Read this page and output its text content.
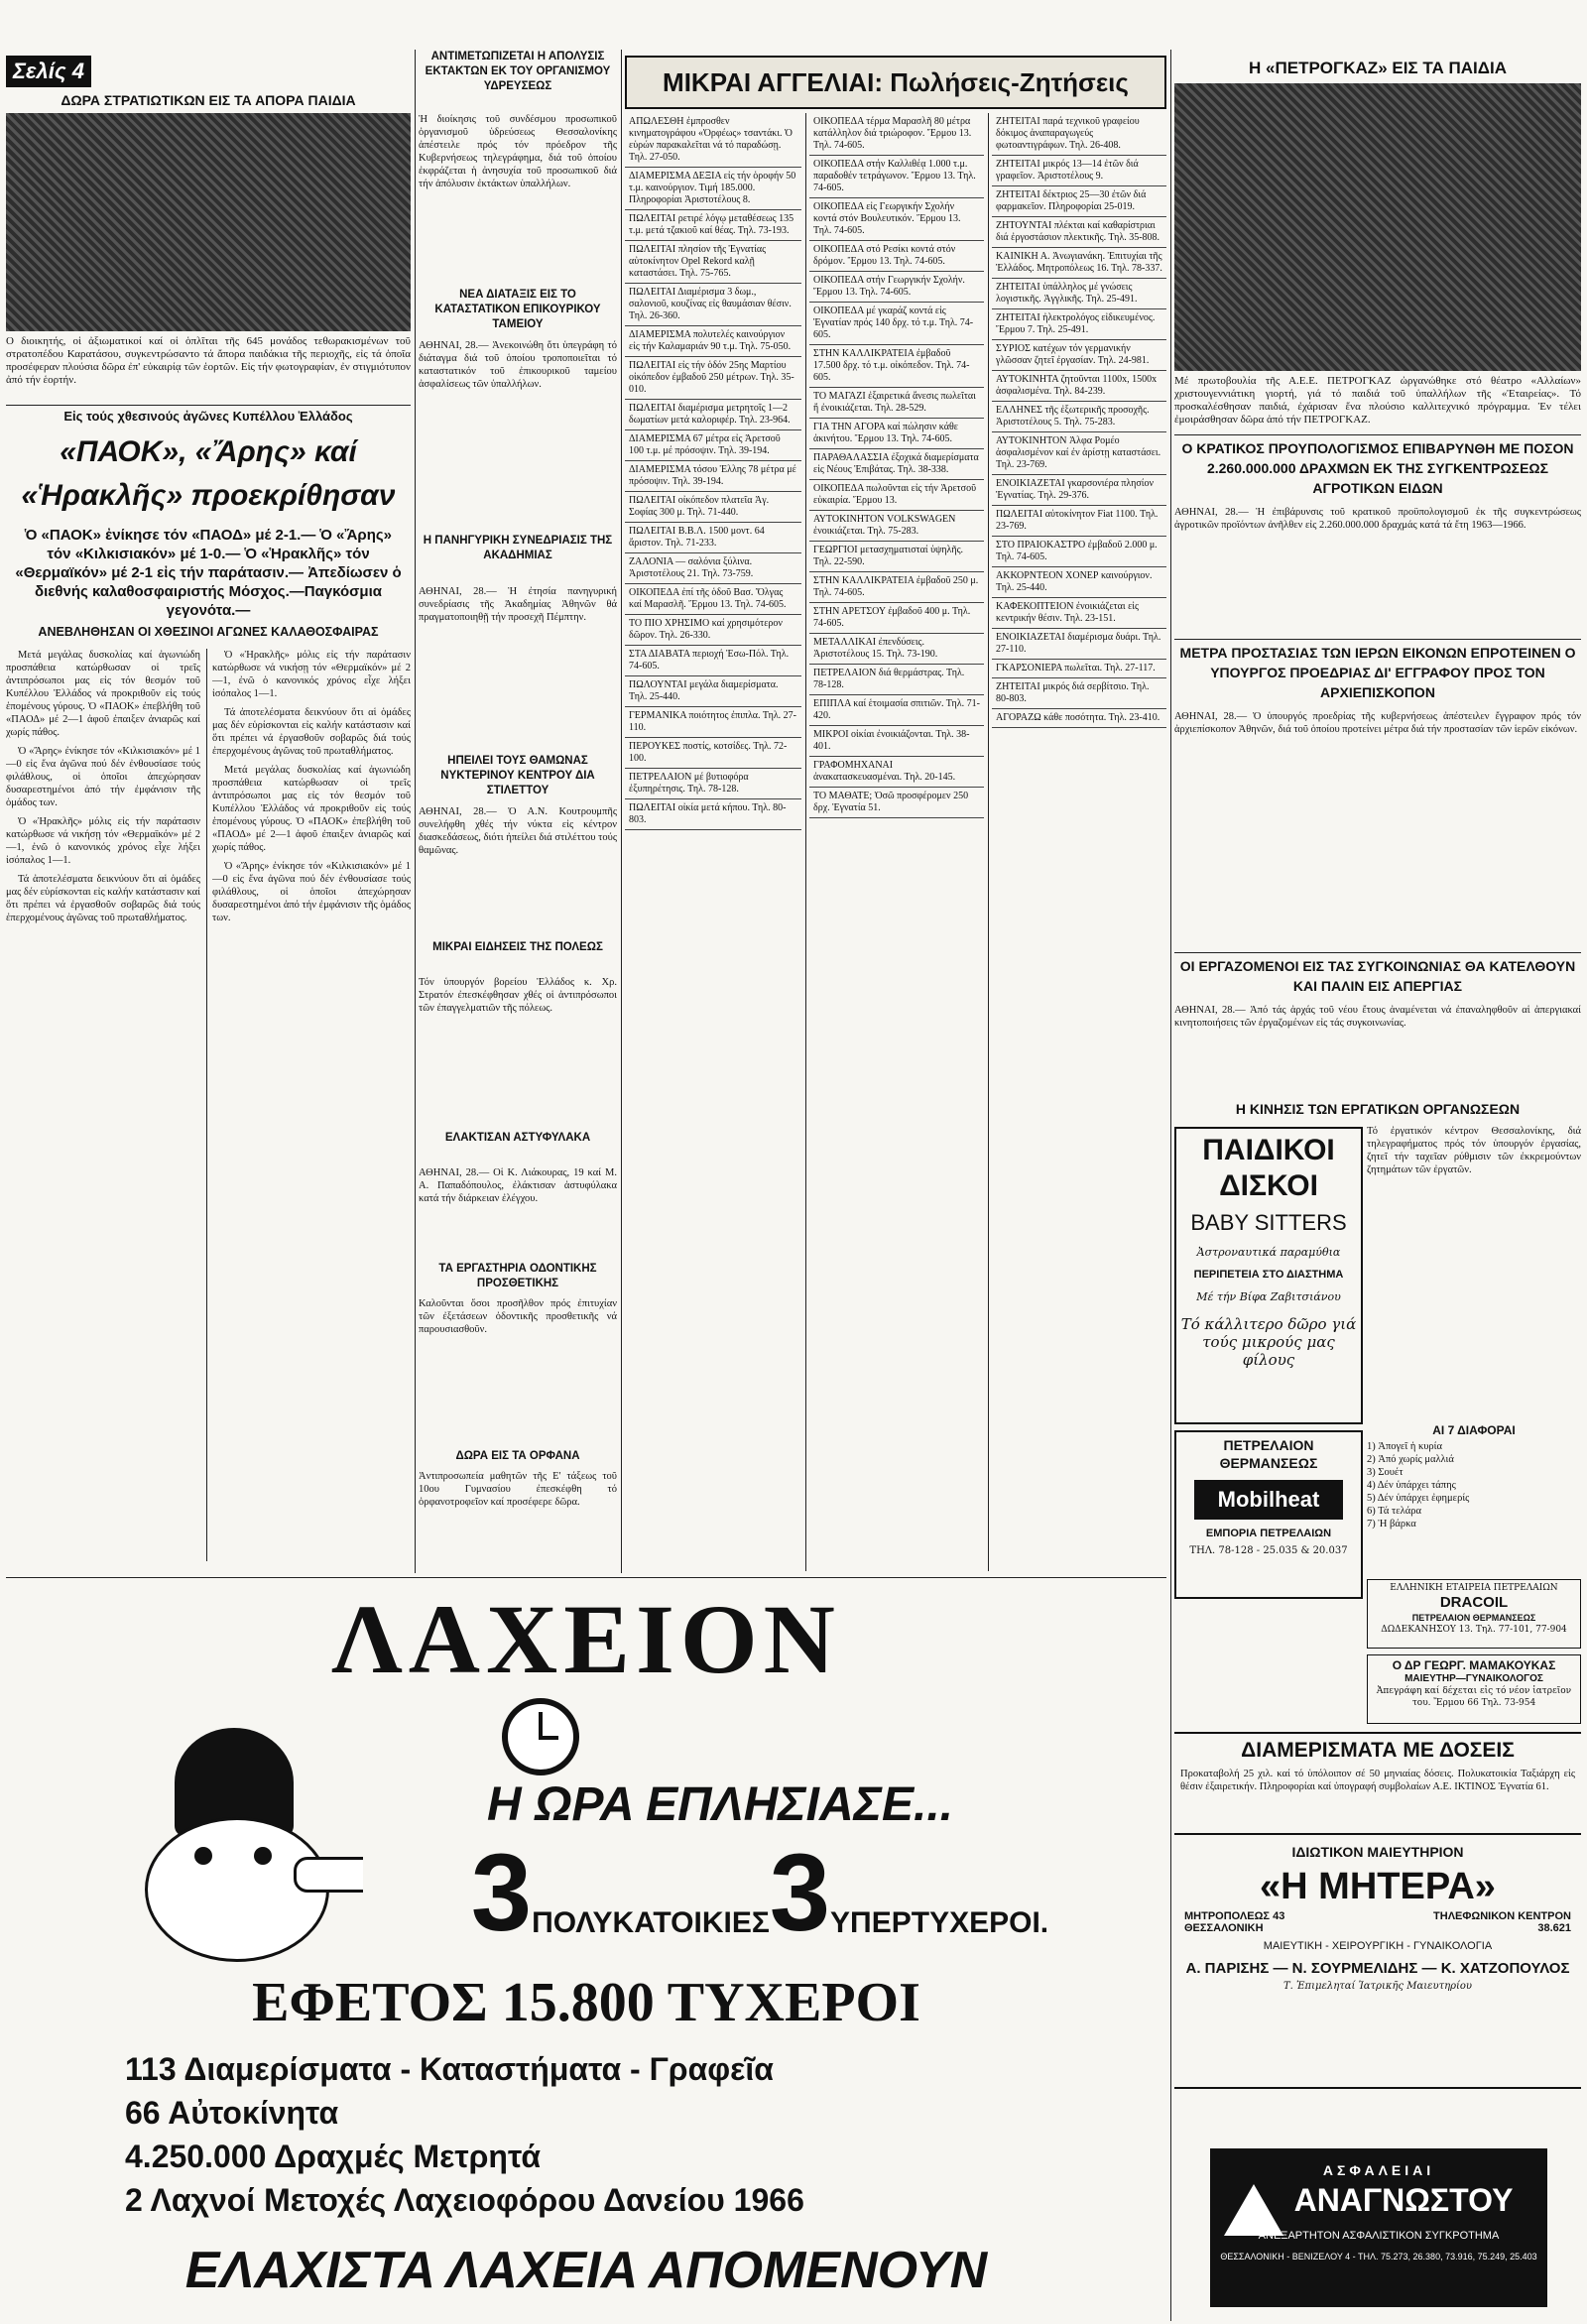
Σελίς 4
ΔΩΡΑ ΣΤΡΑΤΙΩΤΙΚΩΝ ΕΙΣ ΤΑ ΑΠΟΡΑ ΠΑΙΔΙΑ
Ο διοικητής, οἱ ἀξιωματικοί καί οἱ ὁπλῖται τῆς 645 μονάδος τεθωρακισμένων τοῦ στρατοπέδου Καρατάσου, συγκεντρώσαντο τά ἄπορα παιδάκια τῆς περιοχῆς, εἰς τά ὁποῖα προσέφεραν πλούσια δῶρα ἐπ' εὐκαιρίᾳ τῶν ἑορτῶν. Εἰς τήν φωτογραφίαν, ἐν στιγμιότυπον ἀπό τήν ἑορτήν.
Εἰς τούς χθεσινούς ἀγῶνες Κυπέλλου Ἑλλάδος
«ΠΑΟΚ», «Ἄρης» καί «Ἡρακλῆς» προεκρίθησαν
Ὁ «ΠΑΟΚ» ἐνίκησε τόν «ΠΑΟΔ» μέ 2-1.— Ὁ «Ἄρης» τόν «Κιλκισιακόν» μέ 1-0.— Ὁ «Ἡρακλῆς» τόν «Θερμαϊκόν» μέ 2-1 εἰς τήν παράτασιν.— Ἀπεδίωσεν ὁ διεθνής καλαθοσφαιριστής Μόσχος.—Παγκόσμια γεγονότα.—
ΑΝΕΒΛΗΘΗΣΑΝ ΟΙ ΧΘΕΣΙΝΟΙ ΑΓΩΝΕΣ ΚΑΛΑΘΟΣΦΑΙΡΑΣ

Μετά μεγάλας δυσκολίας καί ἀγωνιώδη προσπάθεια κατώρθωσαν οἱ τρεῖς ἀντιπρόσωποι μας εἰς τόν θεσμόν τοῦ Κυπέλλου Ἑλλάδος νά προκριθοῦν εἰς τούς ἑπομένους γύρους. Ὁ «ΠΑΟΚ» ἐπεβλήθη τοῦ «ΠΑΟΔ» μέ 2—1 ἀφοῦ ἐπαιξεν ἀνιαρῶς καί χωρίς πάθος.

Ὁ «Ἄρης» ἐνίκησε τόν «Κιλκισιακόν» μέ 1—0 εἰς ἕνα ἀγῶνα πού δέν ἐνθουσίασε τούς φιλάθλους, οἱ ὁποῖοι ἀπεχώρησαν δυσαρεστημένοι ἀπό τήν ἐμφάνισιν τῆς ὁμάδος των.

Ὁ «Ἡρακλῆς» μόλις εἰς τήν παράτασιν κατώρθωσε νά νικήσῃ τόν «Θερμαϊκόν» μέ 2—1, ἐνῶ ὁ κανονικός χρόνος εἶχε λήξει ἰσόπαλος 1—1.

Τά ἀποτελέσματα δεικνύουν ὅτι αἱ ὁμάδες μας δέν εὑρίσκονται εἰς καλήν κατάστασιν καί ὅτι πρέπει νά ἐργασθοῦν σοβαρῶς διά τούς ἐπερχομένους ἀγῶνας τοῦ πρωταθλήματος.

Ὁ «Ἡρακλῆς» μόλις εἰς τήν παράτασιν κατώρθωσε νά νικήσῃ τόν «Θερμαϊκόν» μέ 2—1, ἐνῶ ὁ κανονικός χρόνος εἶχε λήξει ἰσόπαλος 1—1.

Τά ἀποτελέσματα δεικνύουν ὅτι αἱ ὁμάδες μας δέν εὑρίσκονται εἰς καλήν κατάστασιν καί ὅτι πρέπει νά ἐργασθοῦν σοβαρῶς διά τούς ἐπερχομένους ἀγῶνας τοῦ πρωταθλήματος.

Μετά μεγάλας δυσκολίας καί ἀγωνιώδη προσπάθεια κατώρθωσαν οἱ τρεῖς ἀντιπρόσωποι μας εἰς τόν θεσμόν τοῦ Κυπέλλου Ἑλλάδος νά προκριθοῦν εἰς τούς ἑπομένους γύρους. Ὁ «ΠΑΟΚ» ἐπεβλήθη τοῦ «ΠΑΟΔ» μέ 2—1 ἀφοῦ ἐπαιξεν ἀνιαρῶς καί χωρίς πάθος.

Ὁ «Ἄρης» ἐνίκησε τόν «Κιλκισιακόν» μέ 1—0 εἰς ἕνα ἀγῶνα πού δέν ἐνθουσίασε τούς φιλάθλους, οἱ ὁποῖοι ἀπεχώρησαν δυσαρεστημένοι ἀπό τήν ἐμφάνισιν τῆς ὁμάδος των.

ΑΝΤΙΜΕΤΩΠΙΖΕΤΑΙ Η ΑΠΟΛΥΣΙΣ ΕΚΤΑΚΤΩΝ ΕΚ ΤΟΥ ΟΡΓΑΝΙΣΜΟΥ ΥΔΡΕΥΣΕΩΣ
Ἡ διοίκησις τοῦ συνδέσμου προσωπικοῦ ὀργανισμοῦ ὑδρεύσεως Θεσσαλονίκης ἀπέστειλε πρός τόν πρόεδρον τῆς Κυβερνήσεως τηλεγράφημα, διά τοῦ ὁποίου ἐκφράζεται ἡ ἀνησυχία τοῦ προσωπικοῦ διά τήν ἀπόλυσιν ἐκτάκτων ὑπαλλήλων.
ΝΕΑ ΔΙΑΤΑΞΙΣ ΕΙΣ ΤΟ ΚΑΤΑΣΤΑΤΙΚΟΝ ΕΠΙΚΟΥΡΙΚΟΥ ΤΑΜΕΙΟΥ
ΑΘΗΝΑΙ, 28.— Ἀνεκοινώθη ὅτι ὑπεγράφη τό διάταγμα διά τοῦ ὁποίου τροποποιεῖται τό καταστατικόν τοῦ ἐπικουρικοῦ ταμείου ἀσφαλίσεως τῶν ὑπαλλήλων.
Η ΠΑΝΗΓΥΡΙΚΗ ΣΥΝΕΔΡΙΑΣΙΣ ΤΗΣ ΑΚΑΔΗΜΙΑΣ
ΑΘΗΝΑΙ, 28.— Ἡ ἐτησία πανηγυρική συνεδρίασις τῆς Ἀκαδημίας Ἀθηνῶν θά πραγματοποιηθῇ τήν προσεχῆ Πέμπτην.
ΗΠΕΙΛΕΙ ΤΟΥΣ ΘΑΜΩΝΑΣ ΝΥΚΤΕΡΙΝΟΥ ΚΕΝΤΡΟΥ ΔΙΑ ΣΤΙΛΕΤΤΟΥ
ΑΘΗΝΑΙ, 28.— Ὁ Α.Ν. Κουτρουμπῆς συνελήφθη χθές τήν νύκτα εἰς κέντρον διασκεδάσεως, διότι ἠπείλει διά στιλέττου τούς θαμῶνας.
ΜΙΚΡΑΙ ΕΙΔΗΣΕΙΣ ΤΗΣ ΠΟΛΕΩΣ
Τόν ὑπουργόν βορείου Ἑλλάδος κ. Χρ. Στρατόν ἐπεσκέφθησαν χθές οἱ ἀντιπρόσωποι τῶν ἐπαγγελματιῶν τῆς πόλεως.
ΕΛΑΚΤΙΣΑΝ ΑΣΤΥΦΥΛΑΚΑ
ΑΘΗΝΑΙ, 28.— Οἱ Κ. Λιάκουρας, 19 καί Μ. Α. Παπαδόπουλος, ἐλάκτισαν ἀστυφύλακα κατά τήν διάρκειαν ἐλέγχου.
ΤΑ ΕΡΓΑΣΤΗΡΙΑ ΟΔΟΝΤΙΚΗΣ ΠΡΟΣΘΕΤΙΚΗΣ
Καλοῦνται ὅσοι προσῆλθον πρός ἐπιτυχίαν τῶν ἐξετάσεων ὀδοντικῆς προσθετικῆς νά παρουσιασθοῦν.
ΔΩΡΑ ΕΙΣ ΤΑ ΟΡΦΑΝΑ
Ἀντιπροσωπεία μαθητῶν τῆς Ε' τάξεως τοῦ 10ου Γυμνασίου ἐπεσκέφθη τό ὀρφανοτροφεῖον καί προσέφερε δῶρα.
ΜΙΚΡΑΙ ΑΓΓΕΛΙΑΙ: Πωλήσεις-Ζητήσεις
ΑΠΩΛΕΣΘΗ ἐμπροσθεν κινηματογράφου «Ὀρφέως» τσαντάκι. Ὁ εὑρών παρακαλεῖται νά τό παραδώσῃ. Τηλ. 27-050.
ΔΙΑΜΕΡΙΣΜΑ ΔΕΞΙΑ εἰς τήν ὁροφήν 50 τ.μ. καινούργιον. Τιμή 185.000. Πληροφορίαι Ἀριστοτέλους 8.
ΠΩΛΕΙΤΑΙ ρετιρέ λόγῳ μεταθέσεως 135 τ.μ. μετά τζακιοῦ καί θέας. Τηλ. 73-193.
ΠΩΛΕΙΤΑΙ πλησίον τῆς Ἐγνατίας αὐτοκίνητον Opel Rekord καλῇ καταστάσει. Τηλ. 75-765.
ΠΩΛΕΙΤΑΙ Διαμέρισμα 3 δωμ., σαλονιοῦ, κουζίνας εἰς θαυμάσιαν θέσιν. Τηλ. 26-360.
ΔΙΑΜΕΡΙΣΜΑ πολυτελές καινούργιον εἰς τήν Καλαμαριάν 90 τ.μ. Τηλ. 75-050.
ΠΩΛΕΙΤΑΙ εἰς τήν ὁδόν 25ης Μαρτίου οἰκόπεδον ἐμβαδοῦ 250 μέτρων. Τηλ. 35-010.
ΠΩΛΕΙΤΑΙ διαμέρισμα μετρητοῖς 1—2 δωματίων μετά καλοριφέρ. Τηλ. 23-964.
ΔΙΑΜΕΡΙΣΜΑ 67 μέτρα εἰς Ἀρετσοῦ 100 τ.μ. μέ πρόσοψιν. Τηλ. 39-194.
ΔΙΑΜΕΡΙΣΜΑ τόσου Ἐλλης 78 μέτρα μέ πρόσοψιν. Τηλ. 39-194.
ΠΩΛΕΙΤΑΙ οἰκόπεδον πλατεῖα Ἀγ. Σοφίας 300 μ. Τηλ. 71-440.
ΠΩΛΕΙΤΑΙ Β.Β.Λ. 1500 μοντ. 64 ἄριστον. Τηλ. 71-233.
ΖΑΛΟΝΙΑ — σαλόνια ξύλινα. Ἀριστοτέλους 21. Τηλ. 73-759.
ΟΙΚΟΠΕΔΑ ἐπί τῆς ὁδοῦ Βασ. Ὄλγας καί Μαρασλῆ. Ἔρμου 13. Τηλ. 74-605.
ΤΟ ΠΙΟ ΧΡΗΣΙΜΟ καί χρησιμότερον δῶρον. Τηλ. 26-330.
ΣΤΑ ΔΙΑΒΑΤΑ περιοχή Ἐσω-Πόλ. Τηλ. 74-605.
ΠΩΛΟΥΝΤΑΙ μεγάλα διαμερίσματα. Τηλ. 25-440.
ΓΕΡΜΑΝΙΚΑ ποιότητος ἐπιπλα. Τηλ. 27-110.
ΠΕΡΟΥΚΕΣ ποστίς, κοτσίδες. Τηλ. 72-100.
ΠΕΤΡΕΛΑΙΟΝ μέ βυτιοφόρα ἐξυπηρέτησις. Τηλ. 78-128.
ΠΩΛΕΙΤΑΙ οἰκία μετά κήπου. Τηλ. 80-803.
ΟΙΚΟΠΕΔΑ τέρμα Μαρασλῆ 80 μέτρα κατάλληλον διά τριώροφον. Ἔρμου 13. Τηλ. 74-605.
ΟΙΚΟΠΕΔΑ στήν Καλλιθέᾳ 1.000 τ.μ. παραδοθέν τετράγωνον. Ἔρμου 13. Τηλ. 74-605.
ΟΙΚΟΠΕΔΑ εἰς Γεωργικήν Σχολήν κοντά στόν Βουλευτικόν. Ἔρμου 13. Τηλ. 74-605.
ΟΙΚΟΠΕΔΑ στό Ρεσίκι κοντά στόν δρόμον. Ἔρμου 13. Τηλ. 74-605.
ΟΙΚΟΠΕΔΑ στήν Γεωργικήν Σχολήν. Ἔρμου 13. Τηλ. 74-605.
ΟΙΚΟΠΕΔΑ μέ γκαράζ κοντά εἰς Ἐγνατίαν πρός 140 δρχ. τό τ.μ. Τηλ. 74-605.
ΣΤΗΝ ΚΑΛΛΙΚΡΑΤΕΙΑ ἐμβαδοῦ 17.500 δρχ. τό τ.μ. οἰκόπεδον. Τηλ. 74-605.
ΤΟ ΜΑΓΑΖΙ ἐξαιρετικά ἄνεσις πωλεῖται ἤ ἐνοικιάζεται. Τηλ. 28-529.
ΓΙΑ ΤΗΝ ΑΓΟΡΑ καί πώλησιν κάθε ἀκινήτου. Ἔρμου 13. Τηλ. 74-605.
ΠΑΡΑΘΑΛΑΣΣΙΑ ἐξοχικά διαμερίσματα εἰς Νέους Ἐπιβάτας. Τηλ. 38-338.
ΟΙΚΟΠΕΔΑ πωλοῦνται εἰς τήν Ἀρετσοῦ εὐκαιρία. Ἔρμου 13.
ΑΥΤΟΚΙΝΗΤΟΝ VOLKSWAGEN ἐνοικιάζεται. Τηλ. 75-283.
ΓΕΩΡΓΙΟΙ μετασχηματισταί ὑψηλῆς. Τηλ. 22-590.
ΣΤΗΝ ΚΑΛΛΙΚΡΑΤΕΙΑ ἐμβαδοῦ 250 μ. Τηλ. 74-605.
ΣΤΗΝ ΑΡΕΤΣΟΥ ἐμβαδοῦ 400 μ. Τηλ. 74-605.
ΜΕΤΑΛΛΙΚΑΙ ἐπενδύσεις. Ἀριστοτέλους 15. Τηλ. 73-190.
ΠΕΤΡΕΛΑΙΟΝ διά θερμάστρας. Τηλ. 78-128.
ΕΠΙΠΛΑ καί ἑτοιμασία σπιτιῶν. Τηλ. 71-420.
ΜΙΚΡΟΙ οἰκίαι ἐνοικιάζονται. Τηλ. 38-401.
ΓΡΑΦΟΜΗΧΑΝΑΙ ἀνακατασκευασμέναι. Τηλ. 20-145.
ΤΟ ΜΑΘΑΤΕ; Ὁσῶ προσφέρομεν 250 δρχ. Ἐγνατία 51.
ΖΗΤΕΙΤΑΙ παρά τεχνικοῦ γραφείου δόκιμος ἀναπαραγωγεύς φωτοαντιγράφων. Τηλ. 26-408.
ΖΗΤΕΙΤΑΙ μικρός 13—14 ἐτῶν διά γραφεῖον. Ἀριστοτέλους 9.
ΖΗΤΕΙΤΑΙ δέκτριος 25—30 ἐτῶν διά φαρμακεῖον. Πληροφορίαι 25-019.
ΖΗΤΟΥΝΤΑΙ πλέκται καί καθαρίστριαι διά ἐργοστάσιον πλεκτικῆς. Τηλ. 35-808.
ΚΑΙΝΙΚΗ Α. Ἀνωγιανάκη. Ἐπιτυχίαι τῆς Ἑλλάδος. Μητροπόλεως 16. Τηλ. 78-337.
ΖΗΤΕΙΤΑΙ ὑπάλληλος μέ γνώσεις λογιστικῆς. Ἀγγλικῆς. Τηλ. 25-491.
ΖΗΤΕΙΤΑΙ ἠλεκτρολόγος εἰδικευμένος. Ἔρμου 7. Τηλ. 25-491.
ΣΥΡΙΟΣ κατέχων τόν γερμανικήν γλῶσσαν ζητεῖ ἐργασίαν. Τηλ. 24-981.
ΑΥΤΟΚΙΝΗΤΑ ζητοῦνται 1100x, 1500x ἀσφαλισμένα. Τηλ. 84-239.
ΕΛΛΗΝΕΣ τῆς ἐξωτερικῆς προσοχῆς. Ἀριστοτέλους 5. Τηλ. 75-283.
ΑΥΤΟΚΙΝΗΤΟΝ Ἀλφα Ρομέο ἀσφαλισμένον καί ἐν ἀρίστῃ καταστάσει. Τηλ. 23-769.
ΕΝΟΙΚΙΑΖΕΤΑΙ γκαρσονιέρα πλησίον Ἐγνατίας. Τηλ. 29-376.
ΠΩΛΕΙΤΑΙ αὐτοκίνητον Fiat 1100. Τηλ. 23-769.
ΣΤΟ ΠΡΑΙΟΚΑΣΤΡΟ ἐμβαδοῦ 2.000 μ. Τηλ. 74-605.
ΑΚΚΟΡΝΤΕΟΝ ΧΟΝΕΡ καινούργιον. Τηλ. 25-440.
ΚΑΦΕΚΟΠΤΕΙΟΝ ἐνοικιάζεται εἰς κεντρικήν θέσιν. Τηλ. 23-151.
ΕΝΟΙΚΙΑΖΕΤΑΙ διαμέρισμα δυάρι. Τηλ. 27-110.
ΓΚΑΡΣΟΝΙΕΡΑ πωλεῖται. Τηλ. 27-117.
ΖΗΤΕΙΤΑΙ μικρός διά σερβίτσιο. Τηλ. 80-803.
ΑΓΟΡΑΖΩ κάθε ποσότητα. Τηλ. 23-410.
Η «ΠΕΤΡΟΓΚΑΖ» ΕΙΣ ΤΑ ΠΑΙΔΙΑ
Μέ πρωτοβουλία τῆς Α.Ε.Ε. ΠΕΤΡΟΓΚΑΖ ὠργανώθηκε στό θέατρο «Αλλαίων» χριστουγεννιάτικη γιορτή, γιά τό παιδιά τοῦ ὑπαλλήλων τῆς «Ἑταιρείας». Τό προσκαλέσθησαν παιδιά, ἐχάρισαν ἕνα πλούσιο καλλιτεχνικό πρόγραμμα. Ἐν τέλει ἐμοιράσθησαν δῶρα ἀπό τήν ΠΕΤΡΟΓΚΑΖ.
Ο ΚΡΑΤΙΚΟΣ ΠΡΟΥΠΟΛΟΓΙΣΜΟΣ ΕΠΙΒΑΡΥΝΘΗ ΜΕ ΠΟΣΟΝ 2.260.000.000 ΔΡΑΧΜΩΝ ΕΚ ΤΗΣ ΣΥΓΚΕΝΤΡΩΣΕΩΣ ΑΓΡΟΤΙΚΩΝ ΕΙΔΩΝ
ΑΘΗΝΑΙ, 28.— Ἡ ἐπιβάρυνσις τοῦ κρατικοῦ προϋπολογισμοῦ ἐκ τῆς συγκεντρώσεως ἀγροτικῶν προϊόντων ἀνῆλθεν εἰς 2.260.000.000 δραχμάς κατά τά ἔτη 1963—1966.
ΜΕΤΡΑ ΠΡΟΣΤΑΣΙΑΣ ΤΩΝ ΙΕΡΩΝ ΕΙΚΟΝΩΝ ΕΠΡΟΤΕΙΝΕΝ Ο ΥΠΟΥΡΓΟΣ ΠΡΟΕΔΡΙΑΣ ΔΙ' ΕΓΓΡΑΦΟΥ ΠΡΟΣ ΤΟΝ ΑΡΧΙΕΠΙΣΚΟΠΟΝ
ΑΘΗΝΑΙ, 28.— Ὁ ὑπουργός προεδρίας τῆς κυβερνήσεως ἀπέστειλεν ἔγγραφον πρός τόν ἀρχιεπίσκοπον Ἀθηνῶν, διά τοῦ ὁποίου προτείνει μέτρα διά τήν προστασίαν τῶν ἱερῶν εἰκόνων.
ΟΙ ΕΡΓΑΖΟΜΕΝΟΙ ΕΙΣ ΤΑΣ ΣΥΓΚΟΙΝΩΝΙΑΣ ΘΑ ΚΑΤΕΛΘΟΥΝ ΚΑΙ ΠΑΛΙΝ ΕΙΣ ΑΠΕΡΓΙΑΣ
ΑΘΗΝΑΙ, 28.— Ἀπό τάς ἀρχάς τοῦ νέου ἔτους ἀναμένεται νά ἐπαναληφθοῦν αἱ ἀπεργιακαί κινητοποιήσεις τῶν ἐργαζομένων εἰς τάς συγκοινωνίας.
Η ΚΙΝΗΣΙΣ ΤΩΝ ΕΡΓΑΤΙΚΩΝ ΟΡΓΑΝΩΣΕΩΝ
Τό ἐργατικόν κέντρον Θεσσαλονίκης, διά τηλεγραφήματος πρός τόν ὑπουργόν ἐργασίας, ζητεῖ τήν ταχεῖαν ρύθμισιν τῶν ἐκκρεμούντων ζητημάτων τῶν ἐργατῶν.
ΠΑΙΔΙΚΟΙ
ΔΙΣΚΟΙ
BABY SITTERS
Ἀστροναυτικά παραμύθια
ΠΕΡΙΠΕΤΕΙΑ ΣΤΟ ΔΙΑΣΤΗΜΑ
Μέ τήν Βίφα Ζαβιτσιάνου
Τό κάλλιτερο δῶρο γιά τούς μικρούς μας φίλους
ΑΙ 7 ΔΙΑΦΟΡΑΙ
1) Ἀπογεῖ ἡ κυρία
2) Ἀπό χωρίς μαλλιά
3) Σουέτ
4) Δέν ὑπάρχει τάπης
5) Δέν ὑπάρχει ἐφημερίς
6) Τά τελάρα
7) Ἡ βάρκα
ΠΕΤΡΕΛΑΙΟΝ ΘΕΡΜΑΝΣΕΩΣ
Mobilheat
ΕΜΠΟΡΙΑ ΠΕΤΡΕΛΑΙΩΝ
ΤΗΛ. 78-128 - 25.035 & 20.037
ΕΛΛΗΝΙΚΗ ΕΤΑΙΡΕΙΑ ΠΕΤΡΕΛΑΙΩΝ
DRACOIL
ΠΕΤΡΕΛΑΙΟΝ ΘΕΡΜΑΝΣΕΩΣ
ΔΩΔΕΚΑΝΗΣΟΥ 13. Τηλ. 77-101, 77-904
Ο ΔΡ ΓΕΩΡΓ. ΜΑΜΑΚΟΥΚΑΣ
ΜΑΙΕΥΤΗΡ—ΓΥΝΑΙΚΟΛΟΓΟΣ
Ἀπεγράφη καί δέχεται εἰς τό νέον ἰατρεῖον του. Ἔρμου 66 Τηλ. 73-954
ΔΙΑΜΕΡΙΣΜΑΤΑ ΜΕ ΔΟΣΕΙΣ
Προκαταβολή 25 χιλ. καί τό ὑπόλοιπον σέ 50 μηνιαίας δόσεις. Πολυκατοικία Ταξιάρχη εἰς θέσιν ἐξαιρετικήν. Πληροφορίαι καί ὑπογραφή συμβολαίων Α.Ε. ΙΚΤΙΝΟΣ Ἐγνατία 61.
ΙΔΙΩΤΙΚΟΝ ΜΑΙΕΥΤΗΡΙΟΝ
«Η ΜΗΤΕΡΑ»
ΜΗΤΡΟΠΟΛΕΩΣ 43
ΘΕΣΣΑΛΟΝΙΚΗ
ΤΗΛΕΦΩΝΙΚΟΝ ΚΕΝΤΡΟΝ 38.621
ΜΑΙΕΥΤΙΚΗ - ΧΕΙΡΟΥΡΓΙΚΗ - ΓΥΝΑΙΚΟΛΟΓΙΑ
Α. ΠΑΡΙΣΗΣ — Ν. ΣΟΥΡΜΕΛΙΔΗΣ — Κ. ΧΑΤΖΟΠΟΥΛΟΣ
Τ. Ἐπιμεληταί Ἰατρικῆς Μαιευτηρίου
ΑΣΦΑΛΕΙΑΙ
ΑΝΑΓΝΩΣΤΟΥ
ΑΝΕΞΑΡΤΗΤΟΝ ΑΣΦΑΛΙΣΤΙΚΟΝ ΣΥΓΚΡΟΤΗΜΑ
ΘΕΣΣΑΛΟΝΙΚΗ - ΒΕΝΙΖΕΛΟΥ 4 - ΤΗΛ. 75.273, 26.380, 73.916, 75.249, 25.403
ΛΑΧΕΙΟΝ
Η ΩΡΑ ΕΠΛΗΣΙΑΣΕ...
3 ΠΟΛΥΚΑΤΟΙΚΙΕΣ 3 ΥΠΕΡΤΥΧΕΡΟΙ.
ΕΦΕΤΟΣ 15.800 ΤΥΧΕΡΟΙ
113 Διαμερίσματα - Καταστήματα - Γραφεῖα
66 Αὐτοκίνητα
4.250.000 Δραχμές Μετρητά
2 Λαχνοί Μετοχές Λαχειοφόρου Δανείου 1966
ΕΛΑΧΙΣΤΑ ΛΑΧΕΙΑ ΑΠΟΜΕΝΟΥΝ
